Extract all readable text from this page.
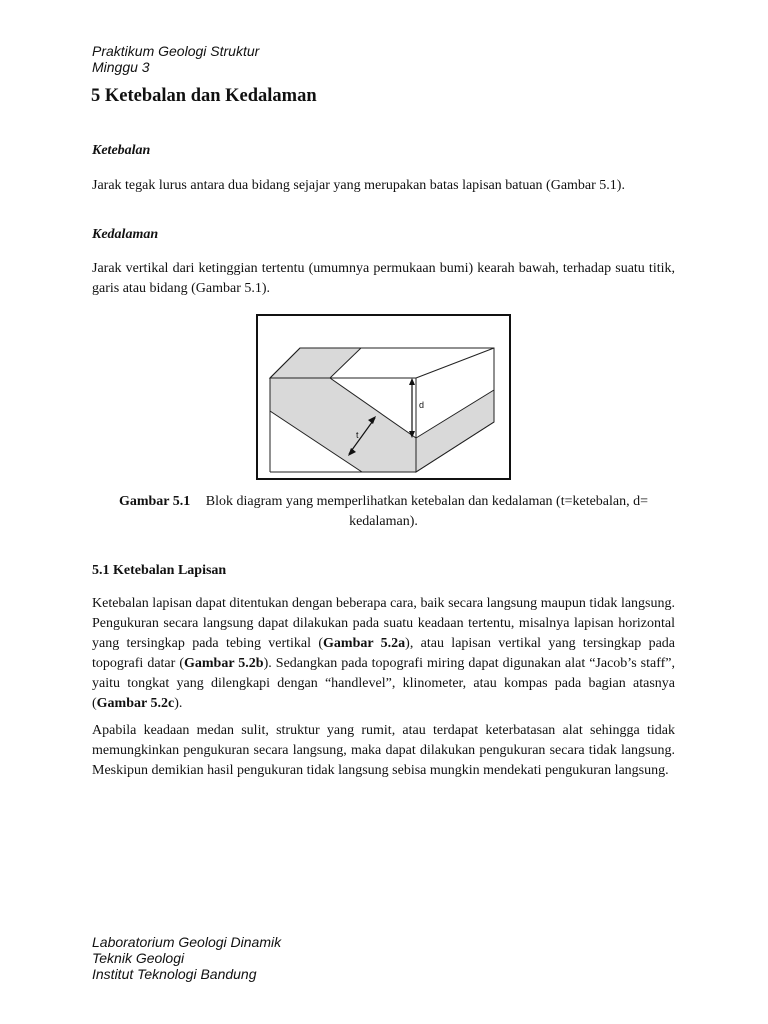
Praktikum Geologi Struktur
Minggu 3
5 Ketebalan dan Kedalaman
Ketebalan

Jarak tegak lurus antara dua bidang sejajar yang merupakan batas lapisan batuan (Gambar 5.1).

Kedalaman

Jarak vertikal dari ketinggian tertentu (umumnya permukaan bumi) kearah bawah, terhadap suatu titik, garis atau bidang (Gambar 5.1).

d
t
Gambar 5.1 Blok diagram yang memperlihatkan ketebalan dan kedalaman (t=ketebalan, d= kedalaman).
5.1 Ketebalan Lapisan

Ketebalan lapisan dapat ditentukan dengan beberapa cara, baik secara langsung maupun tidak langsung. Pengukuran secara langsung dapat dilakukan pada suatu keadaan tertentu, misalnya lapisan horizontal yang tersingkap pada tebing vertikal (Gambar 5.2a), atau lapisan vertikal yang tersingkap pada topografi datar (Gambar 5.2b). Sedangkan pada topografi miring dapat digunakan alat “Jacob’s staff”, yaitu tongkat yang dilengkapi dengan “handlevel”, klinometer, atau kompas pada bagian atasnya (Gambar 5.2c).

Apabila keadaan medan sulit, struktur yang rumit, atau terdapat keterbatasan alat sehingga tidak memungkinkan pengukuran secara langsung, maka dapat dilakukan pengukuran secara tidak langsung. Meskipun demikian hasil pengukuran tidak langsung sebisa mungkin mendekati pengukuran langsung.

Laboratorium Geologi Dinamik
Teknik Geologi
Institut Teknologi Bandung
